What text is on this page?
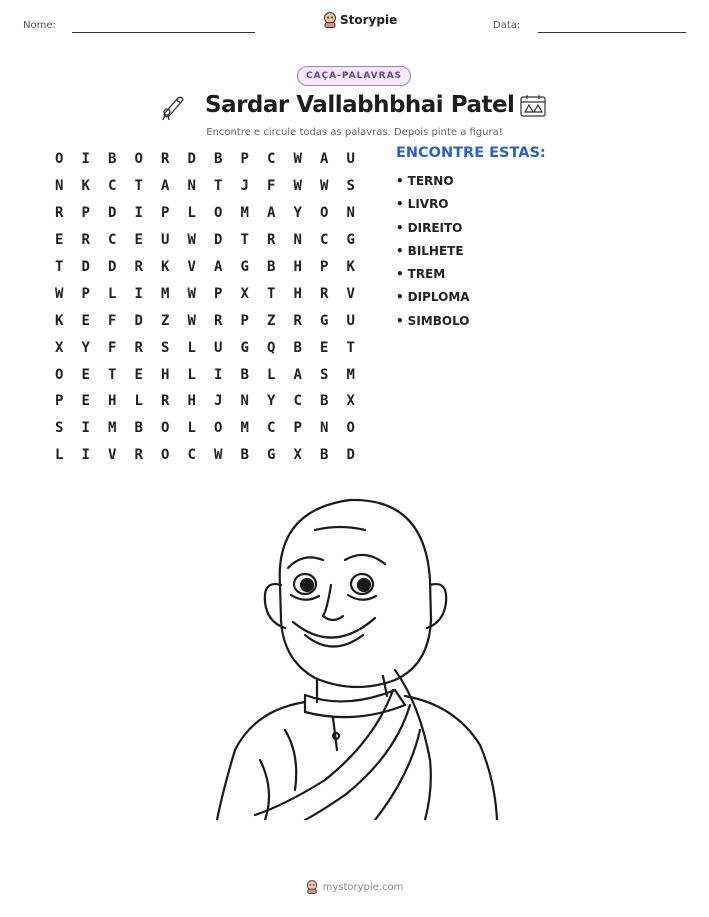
Nome:	Storypie	Data:
CAÇA-PALAVRAS
Sardar Vallabhbhai Patel
Encontre e circule todas as palavras. Depois pinte a figura!
O	I	B	O	R	D	B	P	C	W	A	U
N	K	C	T	A	N	T	J	F	W	W	S
R	P	D	I	P	L	O	M	A	Y	O	N
E	R	C	E	U	W	D	T	R	N	C	G
T	D	D	R	K	V	A	G	B	H	P	K
W	P	L	I	M	W	P	X	T	H	R	V
K	E	F	D	Z	W	R	P	Z	R	G	U
X	Y	F	R	S	L	U	G	Q	B	E	T
O	E	T	E	H	L	I	B	L	A	S	M
P	E	H	L	R	H	J	N	Y	C	B	X
S	I	M	B	O	L	O	M	C	P	N	O
L	I	V	R	O	C	W	B	G	X	B	D
ENCONTRE ESTAS:
• TERNO
• LIVRO
• DIREITO
• BILHETE
• TREM
• DIPLOMA
• SIMBOLO
mystorypie.com
